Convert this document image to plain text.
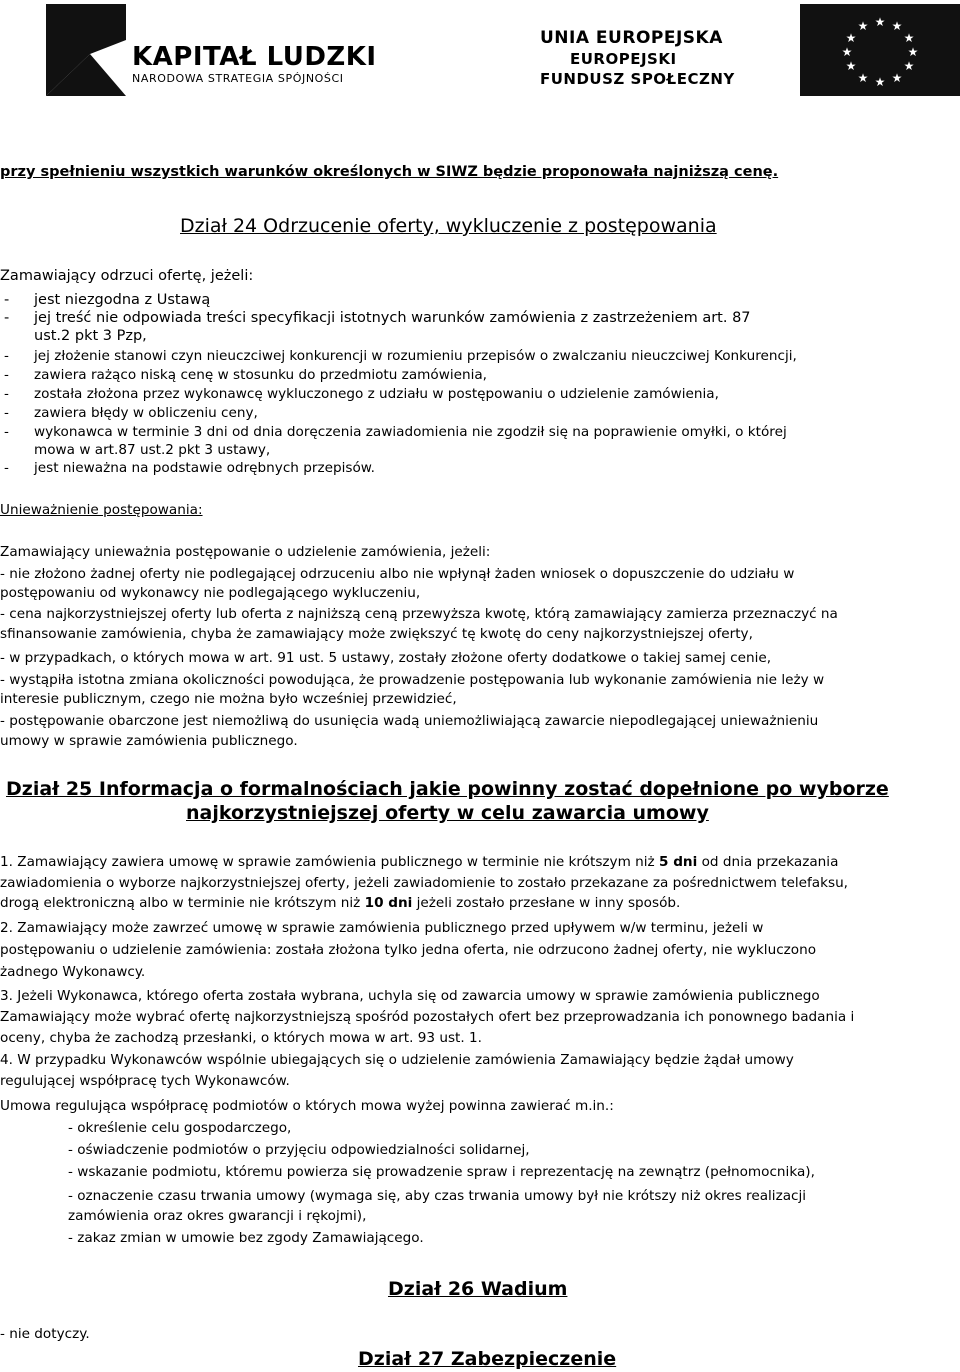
KAPITAŁ LUDZKI
NARODOWA STRATEGIA SPÓJNOŚCI
UNIA EUROPEJSKA
EUROPEJSKI
FUNDUSZ SPOŁECZNY
★ ★
★
★
★
★
★
★
★
★
★
★
przy spełnieniu wszystkich warunków określonych w SIWZ będzie proponowała najniższą cenę.
Dział 24 Odrzucenie oferty, wykluczenie z postępowania
Zamawiający odrzuci ofertę, jeżeli:
- jest niezgodna z Ustawą
- jej treść nie odpowiada treści specyfikacji istotnych warunków zamówienia z zastrzeżeniem art. 87
ust.2 pkt 3 Pzp,
- jej złożenie stanowi czyn nieuczciwej konkurencji w rozumieniu przepisów o zwalczaniu nieuczciwej Konkurencji,
- zawiera rażąco niską cenę w stosunku do przedmiotu zamówienia,
- została złożona przez wykonawcę wykluczonego z udziału w postępowaniu o udzielenie zamówienia,
- zawiera błędy w obliczeniu ceny,
- wykonawca w terminie 3 dni od dnia doręczenia zawiadomienia nie zgodził się na poprawienie omyłki, o której
mowa w art.87 ust.2 pkt 3 ustawy,
- jest nieważna na podstawie odrębnych przepisów.
Unieważnienie postępowania:
Zamawiający unieważnia postępowanie o udzielenie zamówienia, jeżeli:
- nie złożono żadnej oferty nie podlegającej odrzuceniu albo nie wpłynął żaden wniosek o dopuszczenie do udziału w
postępowaniu od wykonawcy nie podlegającego wykluczeniu,
- cena najkorzystniejszej oferty lub oferta z najniższą ceną przewyższa kwotę, którą zamawiający zamierza przeznaczyć na
sfinansowanie zamówienia, chyba że zamawiający może zwiększyć tę kwotę do ceny najkorzystniejszej oferty,
- w przypadkach, o których mowa w art. 91 ust. 5 ustawy, zostały złożone oferty dodatkowe o takiej samej cenie,
- wystąpiła istotna zmiana okoliczności powodująca, że prowadzenie postępowania lub wykonanie zamówienia nie leży w
interesie publicznym, czego nie można było wcześniej przewidzieć,
- postępowanie obarczone jest niemożliwą do usunięcia wadą uniemożliwiającą zawarcie niepodlegającej unieważnieniu
umowy w sprawie zamówienia publicznego.
Dział 25 Informacja o formalnościach jakie powinny zostać dopełnione po wyborze
najkorzystniejszej oferty w celu zawarcia umowy
1. Zamawiający zawiera umowę w sprawie zamówienia publicznego w terminie nie krótszym niż 5 dni od dnia przekazania
zawiadomienia o wyborze najkorzystniejszej oferty, jeżeli zawiadomienie to zostało przekazane za pośrednictwem telefaksu,
drogą elektroniczną albo w terminie nie krótszym niż 10 dni jeżeli zostało przesłane w inny sposób.
2. Zamawiający może zawrzeć umowę w sprawie zamówienia publicznego przed upływem w/w terminu, jeżeli w
postępowaniu o udzielenie zamówienia: została złożona tylko jedna oferta, nie odrzucono żadnej oferty, nie wykluczono
żadnego Wykonawcy.
3. Jeżeli Wykonawca, którego oferta została wybrana, uchyla się od zawarcia umowy w sprawie zamówienia publicznego
Zamawiający może wybrać ofertę najkorzystniejszą spośród pozostałych ofert bez przeprowadzania ich ponownego badania i
oceny, chyba że zachodzą przesłanki, o których mowa w art. 93 ust. 1.
4. W przypadku Wykonawców wspólnie ubiegających się o udzielenie zamówienia Zamawiający będzie żądał umowy
regulującej współpracę tych Wykonawców.
Umowa regulująca współpracę podmiotów o których mowa wyżej powinna zawierać m.in.:
- określenie celu gospodarczego,
- oświadczenie podmiotów o przyjęciu odpowiedzialności solidarnej,
- wskazanie podmiotu, któremu powierza się prowadzenie spraw i reprezentację na zewnątrz (pełnomocnika),
- oznaczenie czasu trwania umowy (wymaga się, aby czas trwania umowy był nie krótszy niż okres realizacji
zamówienia oraz okres gwarancji i rękojmi),
- zakaz zmian w umowie bez zgody Zamawiającego.
Dział 26 Wadium
- nie dotyczy.
Dział 27 Zabezpieczenie
